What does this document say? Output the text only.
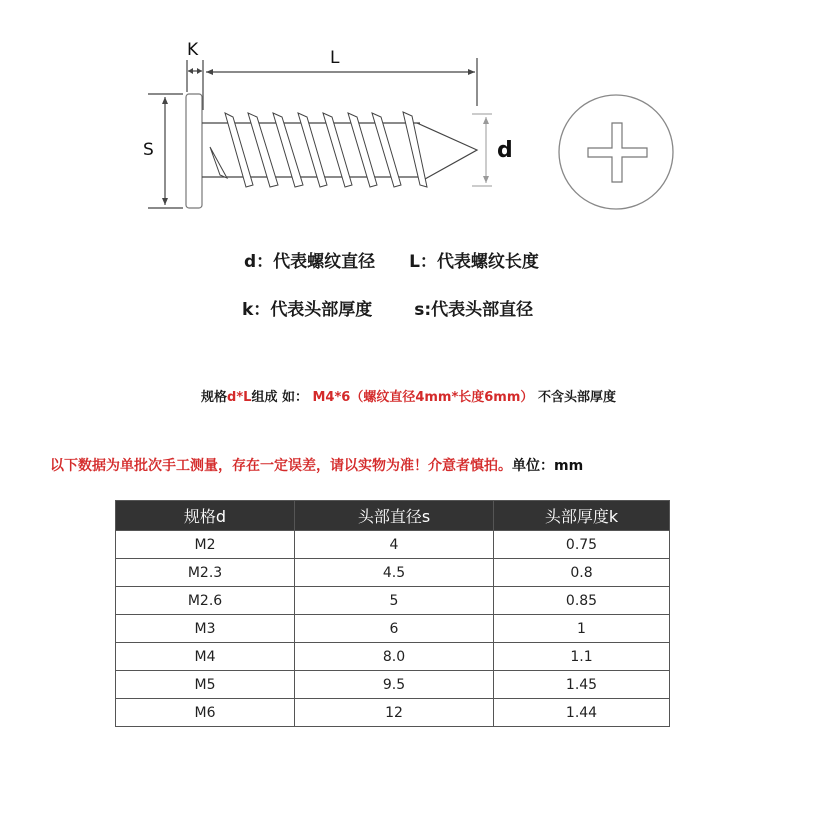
K	L
S	d
d：代表螺纹直径 L：代表螺纹长度
k：代表头部厚度 s:代表头部直径
规格d*L组成 如： M4*6（螺纹直径4mm*长度6mm） 不含头部厚度
以下数据为单批次手工测量，存在一定误差，请以实物为准！介意者慎拍。单位：mm
规格d	头部直径s	头部厚度k
M2	4	0.75
M2.3	4.5	0.8
M2.6	5	0.85
M3	6	1
M4	8.0	1.1
M5	9.5	1.45
M6	12	1.44
